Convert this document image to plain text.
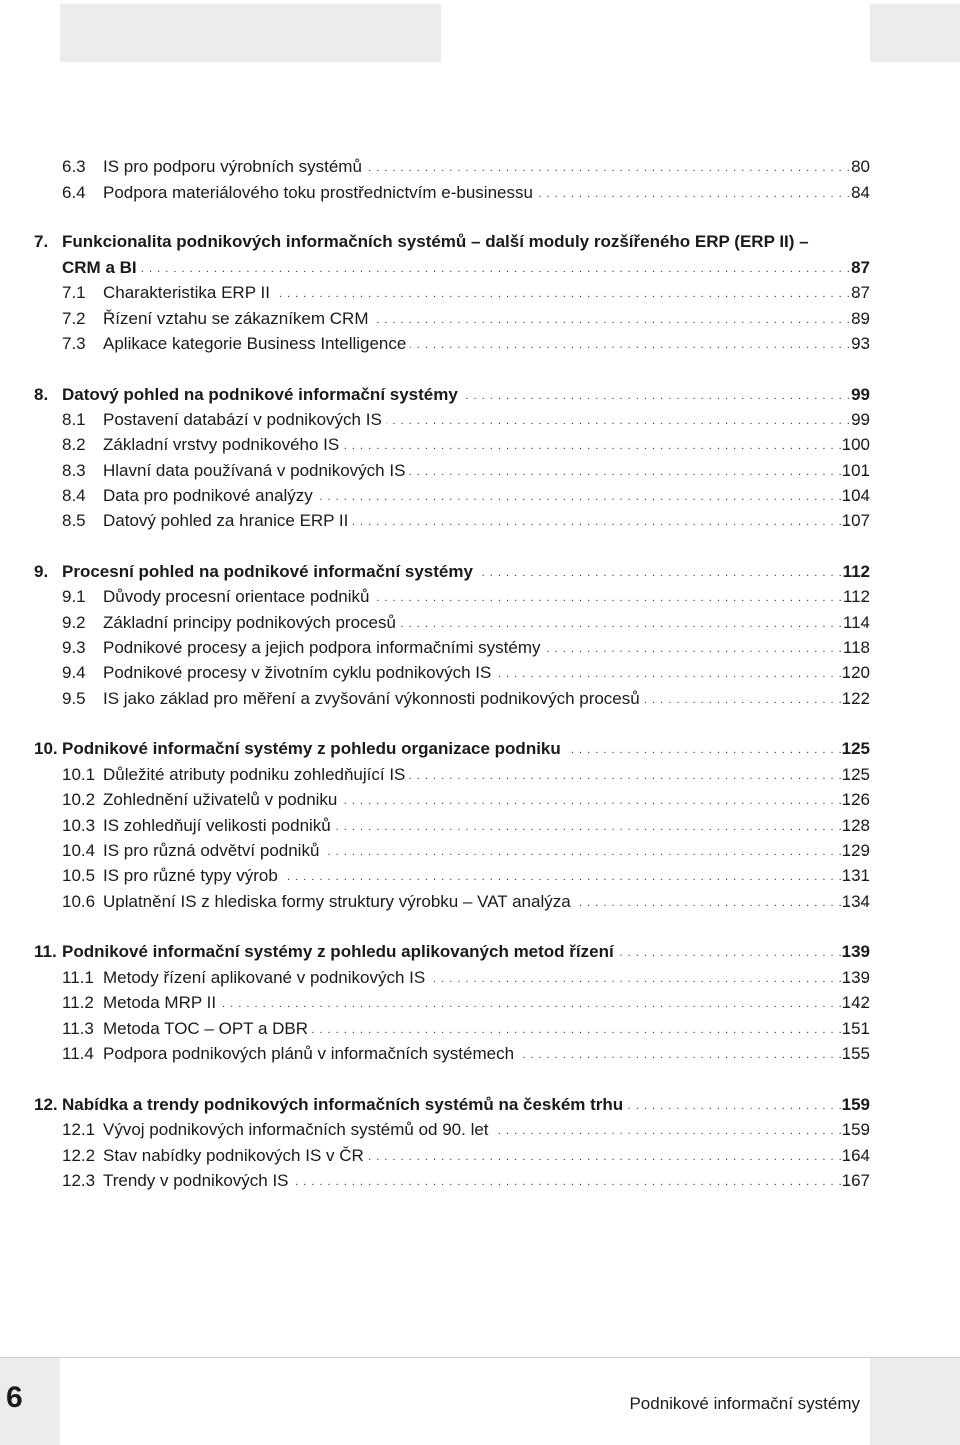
6.3 IS pro podporu výrobních systémů . . .	80
6.4 Podpora materiálového toku prostřednictvím e-businessu . . .	84
7. Funkcionalita podnikových informačních systémů – další moduly rozšířeného ERP (ERP II) –
CRM a BI . . .	87
7.1 Charakteristika ERP II . . .	87
7.2 Řízení vztahu se zákazníkem CRM . . .	89
7.3 Aplikace kategorie Business Intelligence . . .	93
8. Datový pohled na podnikové informační systémy . . .	99
8.1 Postavení databází v podnikových IS . . .	99
8.2 Základní vrstvy podnikového IS . . .	100
8.3 Hlavní data používaná v podnikových IS . . .	101
8.4 Data pro podnikové analýzy . . .	104
8.5 Datový pohled za hranice ERP II . . .	107
9. Procesní pohled na podnikové informační systémy . . .	112
9.1 Důvody procesní orientace podniků . . .	112
9.2 Základní principy podnikových procesů . . .	114
9.3 Podnikové procesy a jejich podpora informačními systémy . . .	118
9.4 Podnikové procesy v životním cyklu podnikových IS . . .	120
9.5 IS jako základ pro měření a zvyšování výkonnosti podnikových procesů . . .	122
10. Podnikové informační systémy z pohledu organizace podniku . . .	125
10.1 Důležité atributy podniku zohledňující IS . . .	125
10.2 Zohlednění uživatelů v podniku . . .	126
10.3 IS zohledňují velikosti podniků . . .	128
10.4 IS pro různá odvětví podniků . . .	129
10.5 IS pro různé typy výrob . . .	131
10.6 Uplatnění IS z hlediska formy struktury výrobku – VAT analýza . . .	134
11. Podnikové informační systémy z pohledu aplikovaných metod řízení . . .	139
11.1 Metody řízení aplikované v podnikových IS . . .	139
11.2 Metoda MRP II . . .	142
11.3 Metoda TOC – OPT a DBR . . .	151
11.4 Podpora podnikových plánů v informačních systémech . . .	155
12. Nabídka a trendy podnikových informačních systémů na českém trhu . . .	159
12.1 Vývoj podnikových informačních systémů od 90. let . . .	159
12.2 Stav nabídky podnikových IS v ČR . . .	164
12.3 Trendy v podnikových IS . . .	167
6	Podnikové informační systémy
